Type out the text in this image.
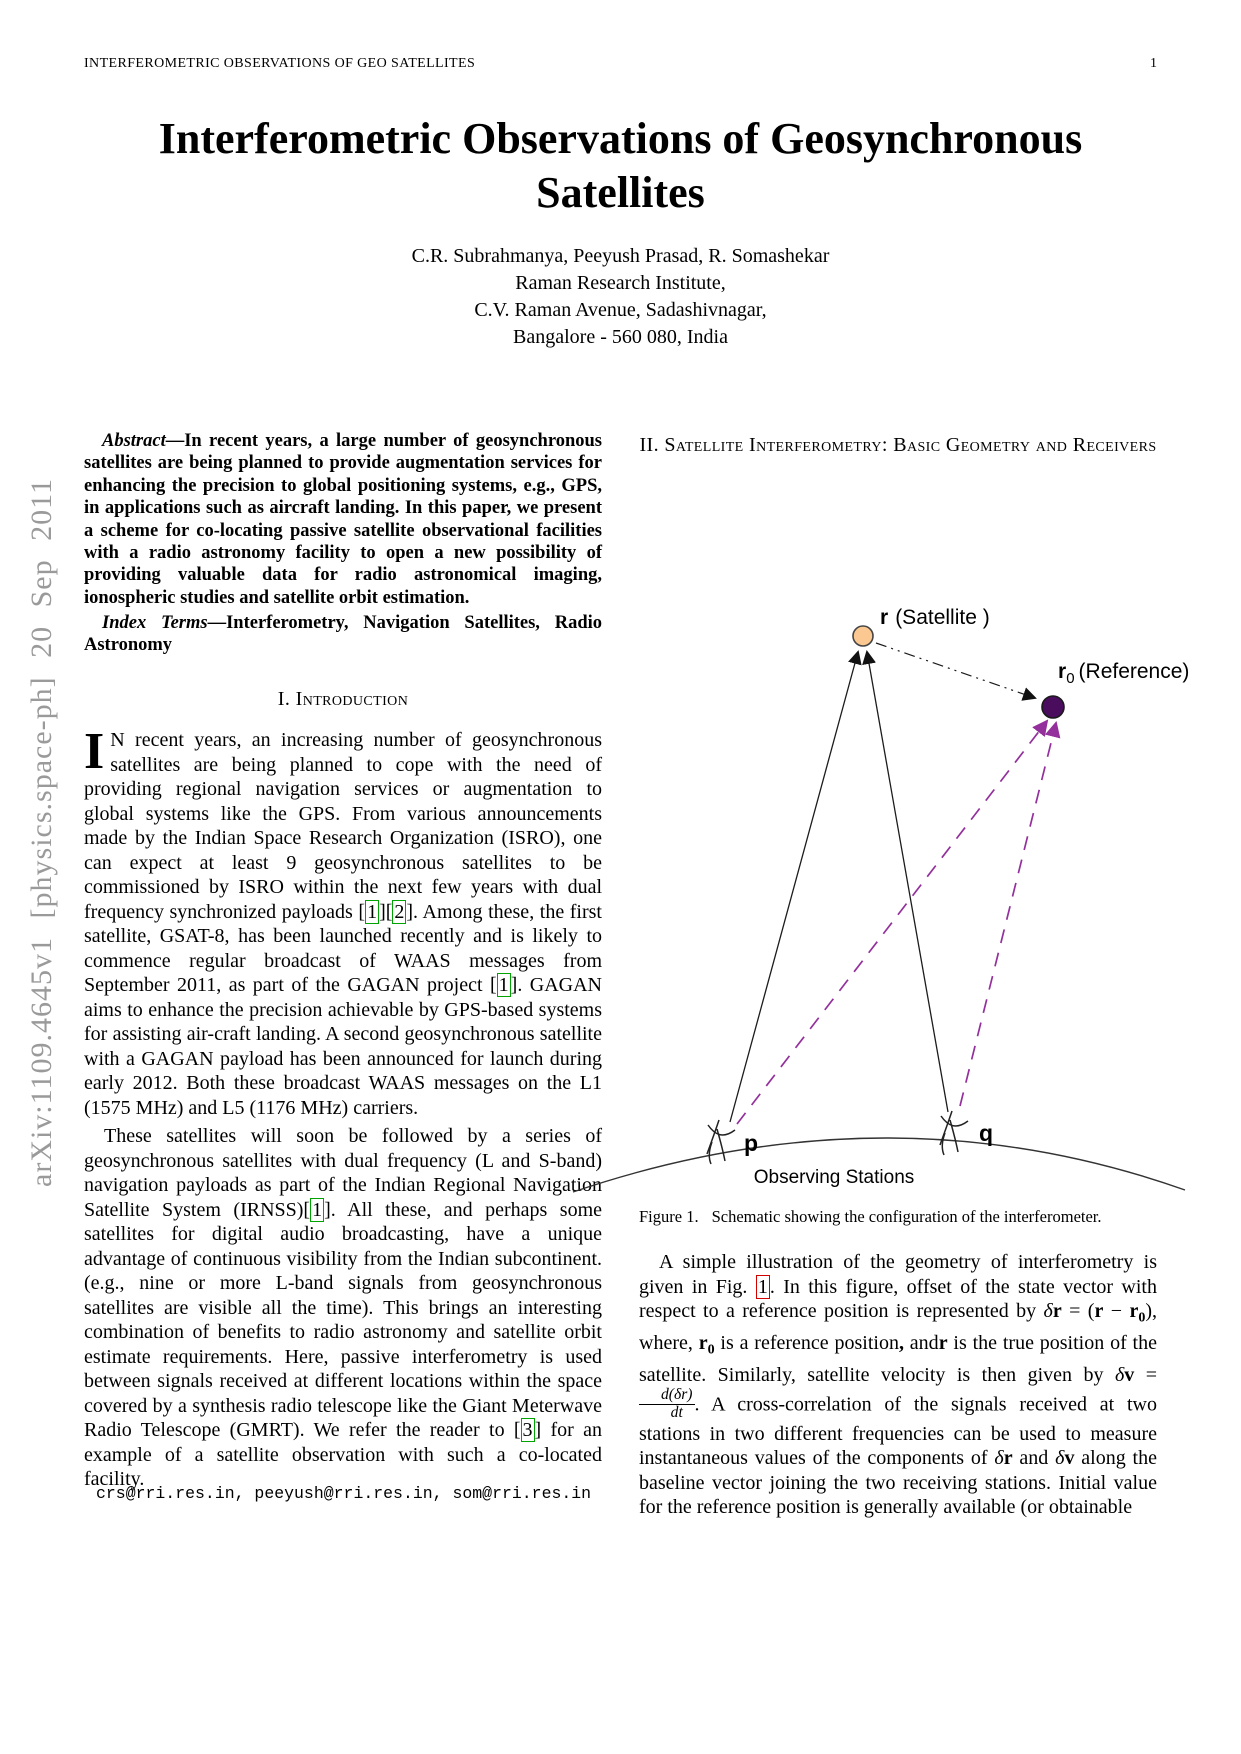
INTERFEROMETRIC OBSERVATIONS OF GEO SATELLITES	1
arXiv:1109.4645v1 [physics.space-ph] 20 Sep 2011
Interferometric Observations of Geosynchronous Satellites
C.R. Subrahmanya, Peeyush Prasad, R. Somashekar
Raman Research Institute,
C.V. Raman Avenue, Sadashivnagar,
Bangalore - 560 080, India

Abstract—In recent years, a large number of geosynchronous satellites are being planned to provide augmentation services for enhancing the precision to global positioning systems, e.g., GPS, in applications such as aircraft landing. In this paper, we present a scheme for co-locating passive satellite observational facilities with a radio astronomy facility to open a new possibility of providing valuable data for radio astronomical imaging, ionospheric studies and satellite orbit estimation.

Index Terms—Interferometry, Navigation Satellites, Radio Astronomy

I. Introduction

I N recent years, an increasing number of geosynchronous satellites are being planned to cope with the need of providing regional navigation services or augmentation to global systems like the GPS. From various announcements made by the Indian Space Research Organization (ISRO), one can expect at least 9 geosynchronous satellites to be commissioned by ISRO within the next few years with dual frequency synchronized payloads [ 1 ][ 2 ]. Among these, the first satellite, GSAT-8, has been launched recently and is likely to commence regular broadcast of WAAS messages from September 2011, as part of the GAGAN project [ 1 ]. GAGAN aims to enhance the precision achievable by GPS-based systems for assisting air-craft landing. A second geosynchronous satellite with a GAGAN payload has been announced for launch during early 2012. Both these broadcast WAAS messages on the L1 (1575 MHz) and L5 (1176 MHz) carriers.

These satellites will soon be followed by a series of geosynchronous satellites with dual frequency (L and S-band) navigation payloads as part of the Indian Regional Navigation Satellite System (IRNSS)[ 1 ]. All these, and perhaps some satellites for digital audio broadcasting, have a unique advantage of continuous visibility from the Indian subcontinent. (e.g., nine or more L-band signals from geosynchronous satellites are visible all the time). This brings an interesting combination of benefits to radio astronomy and satellite orbit estimate requirements. Here, passive interferometry is used between signals received at different locations within the space covered by a synthesis radio telescope like the Giant Meterwave Radio Telescope (GMRT). We refer the reader to [ 3 ] for an example of a satellite observation with such a co-located facility.

crs@rri.res.in, peeyush@rri.res.in, som@rri.res.in
II. Satellite Interferometry: Basic Geometry and Receivers
r (Satellite )
$r_0$ (Reference)
p	q
Observing Stations
Figure 1. Schematic showing the configuration of the interferometer.

A simple illustration of the geometry of interferometry is given in Fig. 1 . In this figure, offset of the state vector with respect to a reference position is represented by $\delta r = (r - r_0)$, where, $r_0$ is a reference position, andr is the true position of the satellite. Similarly, satellite velocity is then given by δv =
$\frac{d(\delta r)}{dt}$ . A cross-correlation of the signals received at two stations in two different frequencies can be used to measure instantaneous values of the components of δr and δv along the baseline vector joining the two receiving stations. Initial value for the reference position is generally available (or obtainable
